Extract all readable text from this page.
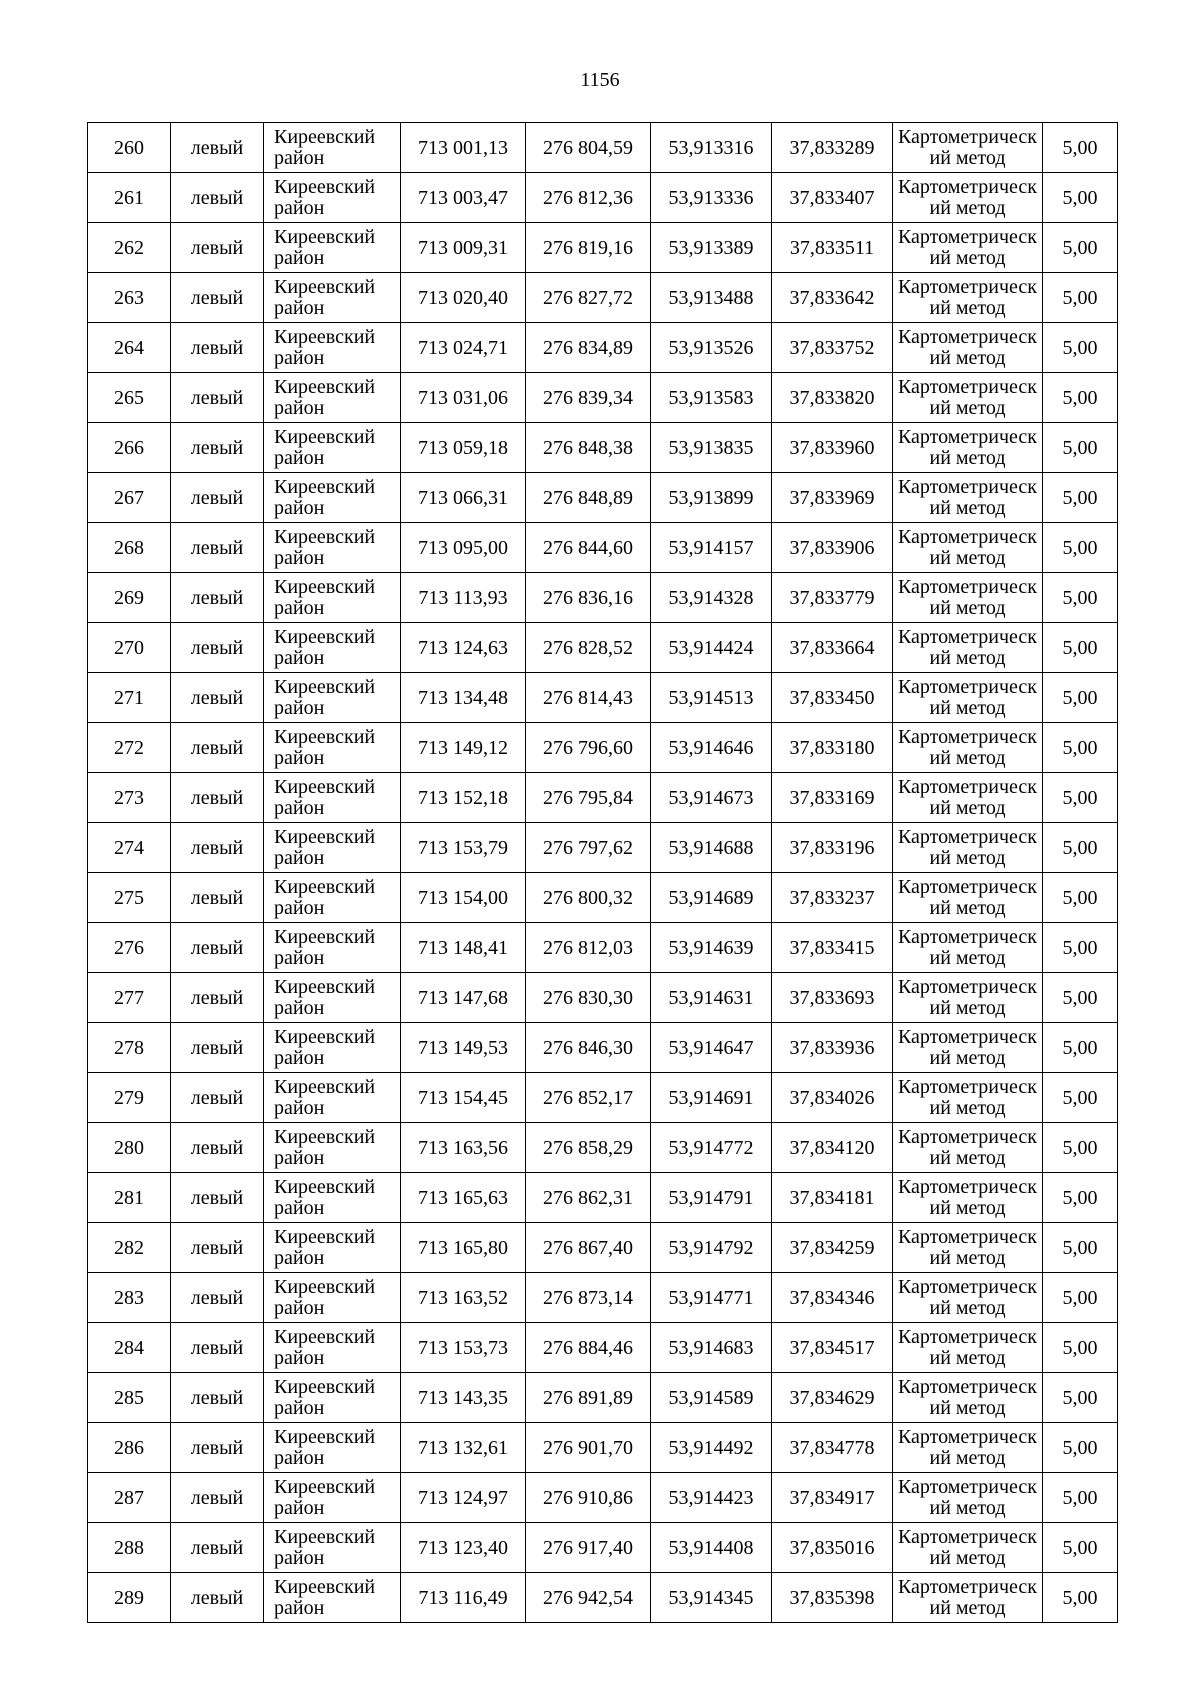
1156
260	левый	Киреевский район	713 001,13	276 804,59	53,913316	37,833289	Картометрический метод	5,00
261	левый	Киреевский район	713 003,47	276 812,36	53,913336	37,833407	Картометрический метод	5,00
262	левый	Киреевский район	713 009,31	276 819,16	53,913389	37,833511	Картометрический метод	5,00
263	левый	Киреевский район	713 020,40	276 827,72	53,913488	37,833642	Картометрический метод	5,00
264	левый	Киреевский район	713 024,71	276 834,89	53,913526	37,833752	Картометрический метод	5,00
265	левый	Киреевский район	713 031,06	276 839,34	53,913583	37,833820	Картометрический метод	5,00
266	левый	Киреевский район	713 059,18	276 848,38	53,913835	37,833960	Картометрический метод	5,00
267	левый	Киреевский район	713 066,31	276 848,89	53,913899	37,833969	Картометрический метод	5,00
268	левый	Киреевский район	713 095,00	276 844,60	53,914157	37,833906	Картометрический метод	5,00
269	левый	Киреевский район	713 113,93	276 836,16	53,914328	37,833779	Картометрический метод	5,00
270	левый	Киреевский район	713 124,63	276 828,52	53,914424	37,833664	Картометрический метод	5,00
271	левый	Киреевский район	713 134,48	276 814,43	53,914513	37,833450	Картометрический метод	5,00
272	левый	Киреевский район	713 149,12	276 796,60	53,914646	37,833180	Картометрический метод	5,00
273	левый	Киреевский район	713 152,18	276 795,84	53,914673	37,833169	Картометрический метод	5,00
274	левый	Киреевский район	713 153,79	276 797,62	53,914688	37,833196	Картометрический метод	5,00
275	левый	Киреевский район	713 154,00	276 800,32	53,914689	37,833237	Картометрический метод	5,00
276	левый	Киреевский район	713 148,41	276 812,03	53,914639	37,833415	Картометрический метод	5,00
277	левый	Киреевский район	713 147,68	276 830,30	53,914631	37,833693	Картометрический метод	5,00
278	левый	Киреевский район	713 149,53	276 846,30	53,914647	37,833936	Картометрический метод	5,00
279	левый	Киреевский район	713 154,45	276 852,17	53,914691	37,834026	Картометрический метод	5,00
280	левый	Киреевский район	713 163,56	276 858,29	53,914772	37,834120	Картометрический метод	5,00
281	левый	Киреевский район	713 165,63	276 862,31	53,914791	37,834181	Картометрический метод	5,00
282	левый	Киреевский район	713 165,80	276 867,40	53,914792	37,834259	Картометрический метод	5,00
283	левый	Киреевский район	713 163,52	276 873,14	53,914771	37,834346	Картометрический метод	5,00
284	левый	Киреевский район	713 153,73	276 884,46	53,914683	37,834517	Картометрический метод	5,00
285	левый	Киреевский район	713 143,35	276 891,89	53,914589	37,834629	Картометрический метод	5,00
286	левый	Киреевский район	713 132,61	276 901,70	53,914492	37,834778	Картометрический метод	5,00
287	левый	Киреевский район	713 124,97	276 910,86	53,914423	37,834917	Картометрический метод	5,00
288	левый	Киреевский район	713 123,40	276 917,40	53,914408	37,835016	Картометрический метод	5,00
289	левый	Киреевский район	713 116,49	276 942,54	53,914345	37,835398	Картометрический метод	5,00
